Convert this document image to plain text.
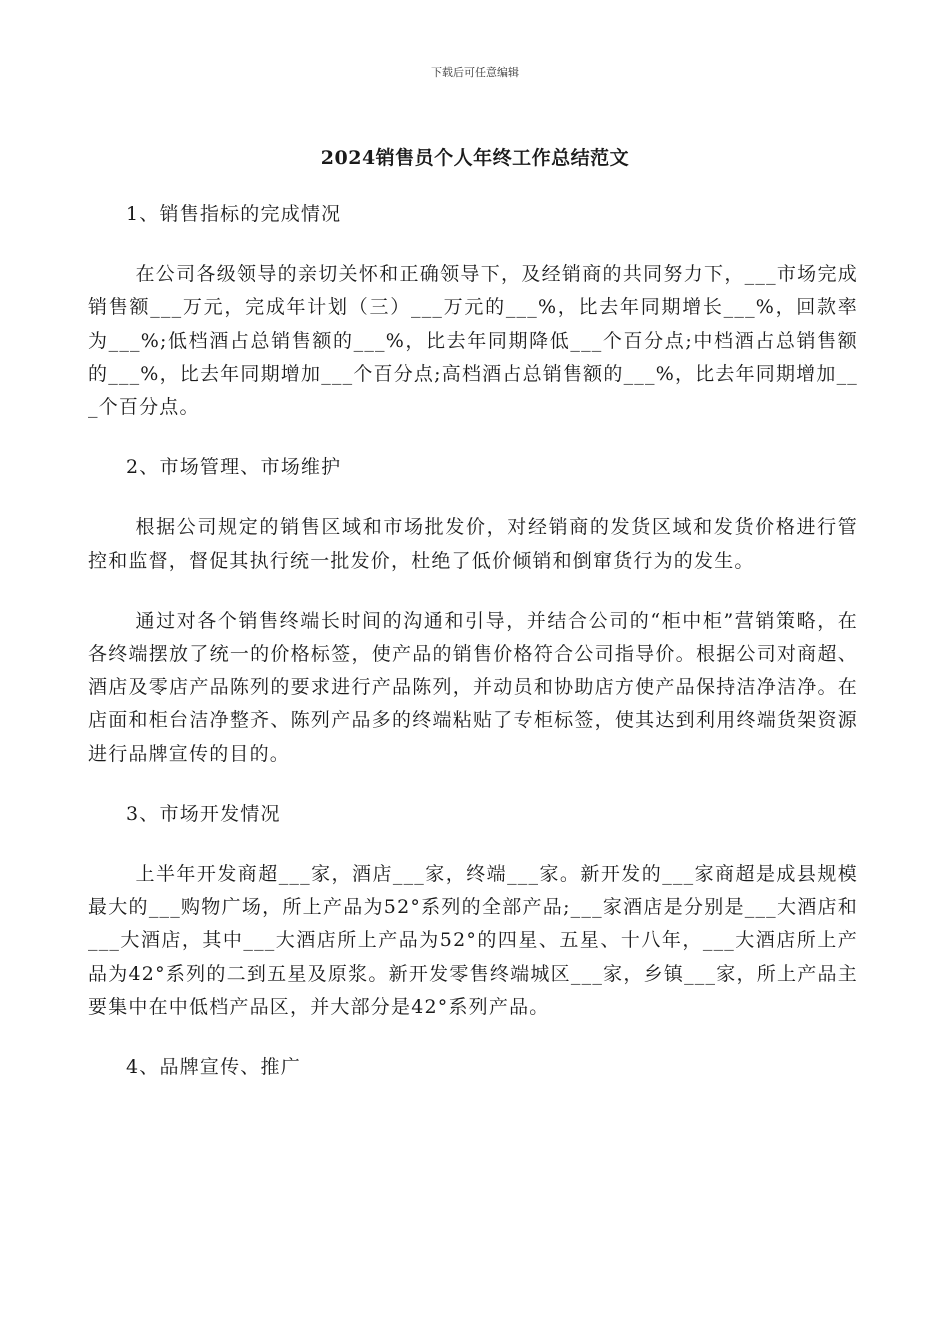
下载后可任意编辑
2024销售员个人年终工作总结范文
1、销售指标的完成情况
在公司各级领导的亲切关怀和正确领导下，及经销商的共同努力下，___市场完成销售额___万元，完成年计划（三）___万元的___%，比去年同期增长___%，回款率为___%;低档酒占总销售额的___%，比去年同期降低___个百分点;中档酒占总销售额的___%，比去年同期增加___个百分点;高档酒占总销售额的___%，比去年同期增加___个百分点。
2、市场管理、市场维护
根据公司规定的销售区域和市场批发价，对经销商的发货区域和发货价格进行管控和监督，督促其执行统一批发价，杜绝了低价倾销和倒窜货行为的发生。
通过对各个销售终端长时间的沟通和引导，并结合公司的“柜中柜”营销策略，在各终端摆放了统一的价格标签，使产品的销售价格符合公司指导价。根据公司对商超、酒店及零店产品陈列的要求进行产品陈列，并动员和协助店方使产品保持洁净洁净。在店面和柜台洁净整齐、陈列产品多的终端粘贴了专柜标签，使其达到利用终端货架资源进行品牌宣传的目的。
3、市场开发情况
上半年开发商超___家，酒店___家，终端___家。新开发的___家商超是成县规模最大的___购物广场，所上产品为52°系列的全部产品;___家酒店是分别是___大酒店和___大酒店，其中___大酒店所上产品为52°的四星、五星、十八年，___大酒店所上产品为42°系列的二到五星及原浆。新开发零售终端城区___家，乡镇___家，所上产品主要集中在中低档产品区，并大部分是42°系列产品。
4、品牌宣传、推广
